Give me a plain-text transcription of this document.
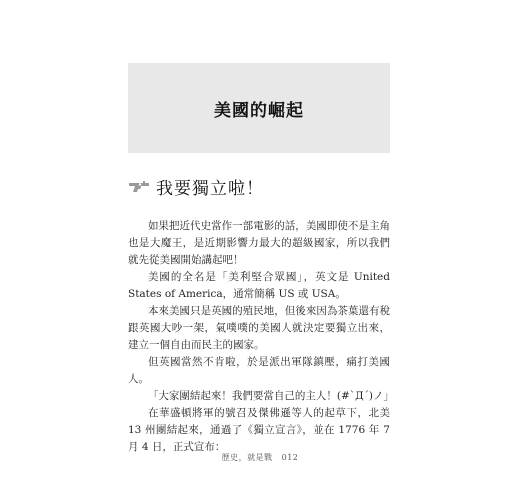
美國的崛起
我要獨立啦！

如果把近代史當作一部電影的話，美國即使不是主角也是大魔王，是近期影響力最大的超級國家，所以我們就先從美國開始講起吧！

美國的全名是「美利堅合眾國」，英文是 United States of America，通常簡稱 US 或 USA。

本來美國只是英國的殖民地，但後來因為茶葉還有稅跟英國大吵一架，氣噗噗的美國人就決定要獨立出來，建立一個自由而民主的國家。

但英國當然不肯啦，於是派出軍隊鎮壓，痛打美國人。

「大家團結起來！我們要當自己的主人！(#`Д´)ノ」

在華盛頓將軍的號召及傑佛遜等人的起草下，北美 13 州團結起來，通過了《獨立宣言》，並在 1776 年 7 月 4 日，正式宣布：

歷史，就是戰 012
